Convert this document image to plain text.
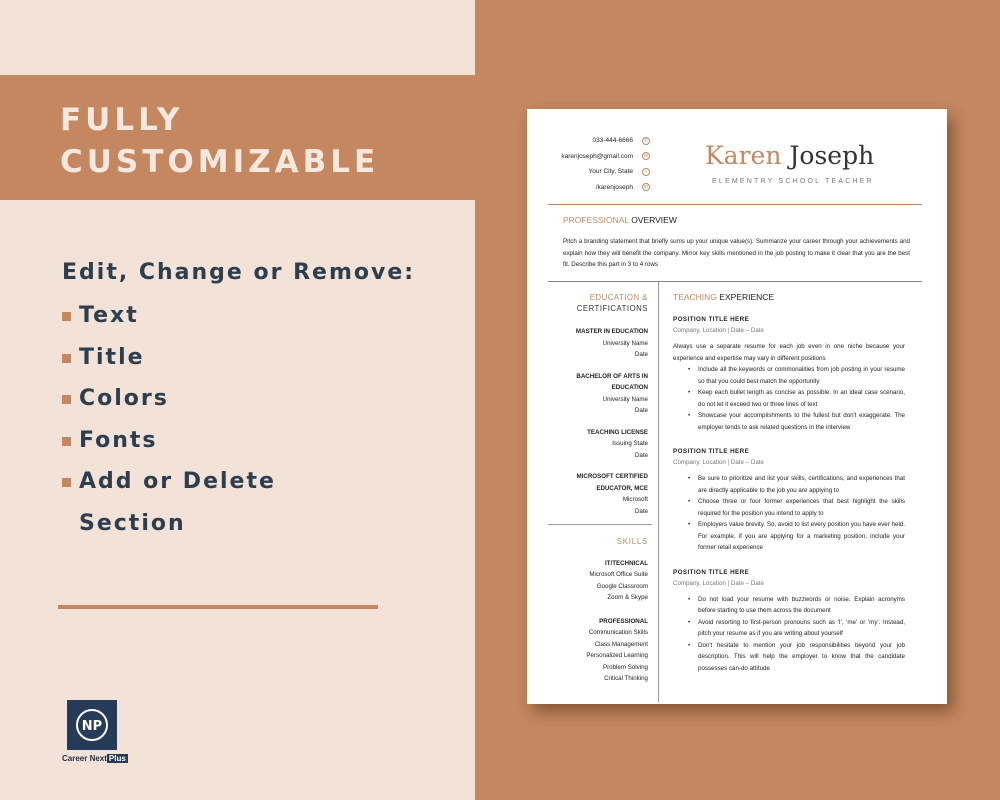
FULLY
CUSTOMIZABLE
Edit, Change or Remove:
Text
Title
Colors
Fonts
Add or Delete
Section
NP
Career Next Plus
033-444-6666	✆
karenjoseph@gmail.com	✉
Your City, State	•
/karenjoseph	in
Karen Joseph
ELEMENTRY SCHOOL TEACHER
PROFESSIONAL OVERVIEW
Pitch a branding statement that briefly sums up your unique value(s). Summarize your career through your achievements and explain how they will benefit the company. Mirror key skills mentioned in the job posting to make it clear that you are the best fit. Describe this part in 3 to 4 rows
EDUCATION &
CERTIFICATIONS
MASTER IN EDUCATION
University Name
Date
BACHELOR OF ARTS IN EDUCATION
University Name
Date
TEACHING LICENSE
Issuing State
Date
MICROSOFT CERTIFIED EDUCATOR, MCE
Microsoft
Date
SKILLS
IT/TECHNICAL
Microsoft Office Suite
Google Classroom
Zoom & Skype
PROFESSIONAL
Communication Skills
Class Management
Personalized Learning
Problem Solving
Critical Thinking
TEACHING EXPERIENCE
POSITION TITLE HERE
Company, Location | Date – Date
Always use a separate resume for each job even in one niche because your experience and expertise may vary in different positions
• Include all the keywords or commonalities from job posting in your resume so that you could best match the opportunity
• Keep each bullet length as concise as possible. In an ideal case scenario, do not let it exceed two or three lines of text
• Showcase your accomplishments to the fullest but don't exaggerate. The employer tends to ask related questions in the interview
POSITION TITLE HERE
Company, Location | Date – Date
• Be sure to prioritize and list your skills, certifications, and experiences that are directly applicable to the job you are applying to
• Choose three or four former experiences that best highlight the skills required for the position you intend to apply to
• Employers value brevity. So, avoid to list every position you have ever held. For example, if you are applying for a marketing position, include your former retail experience
POSITION TITLE HERE
Company, Location | Date – Date
• Do not load your resume with buzzwords or noise. Explain acronyms before starting to use them across the document
• Avoid resorting to first-person pronouns such as 'I', 'me' or 'my'. Instead, pitch your resume as if you are writing about yourself
• Don't hesitate to mention your job responsibilities beyond your job description. This will help the employer to know that the candidate possesses can-do attitude
